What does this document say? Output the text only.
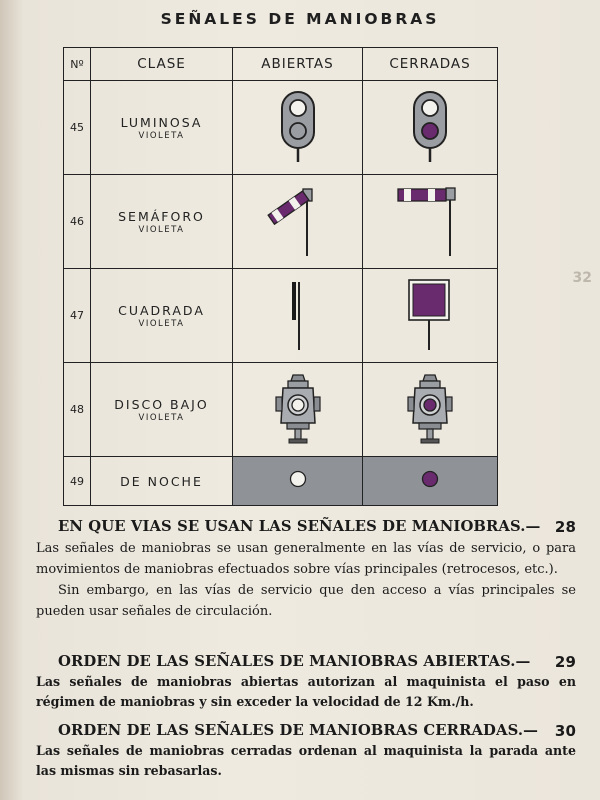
SEÑALES DE MANIOBRAS
32
Nº	CLASE	ABIERTAS	CERRADAS
45	LUMINOSA
VIOLETA

46	SEMÁFORO
VIOLETA

47	CUADRADA
VIOLETA

48	DISCO BAJO
VIOLETA

49	DE NOCHE

EN QUE VIAS SE USAN LAS SEÑALES DE MANIOBRAS.— 28

Las señales de maniobras se usan generalmente en las vías de servicio, o para movimientos de maniobras efectuados sobre vías principales (retrocesos, etc.).

Sin embargo, en las vías de servicio que den acceso a vías principales se pueden usar señales de circulación.

ORDEN DE LAS SEÑALES DE MANIOBRAS ABIERTAS.— 29

Las señales de maniobras abiertas autorizan al maquinista el paso en régimen de maniobras y sin exceder la velocidad de 12 Km./h.

ORDEN DE LAS SEÑALES DE MANIOBRAS CERRADAS.— 30

Las señales de maniobras cerradas ordenan al maquinista la parada ante las mismas sin rebasarlas.
